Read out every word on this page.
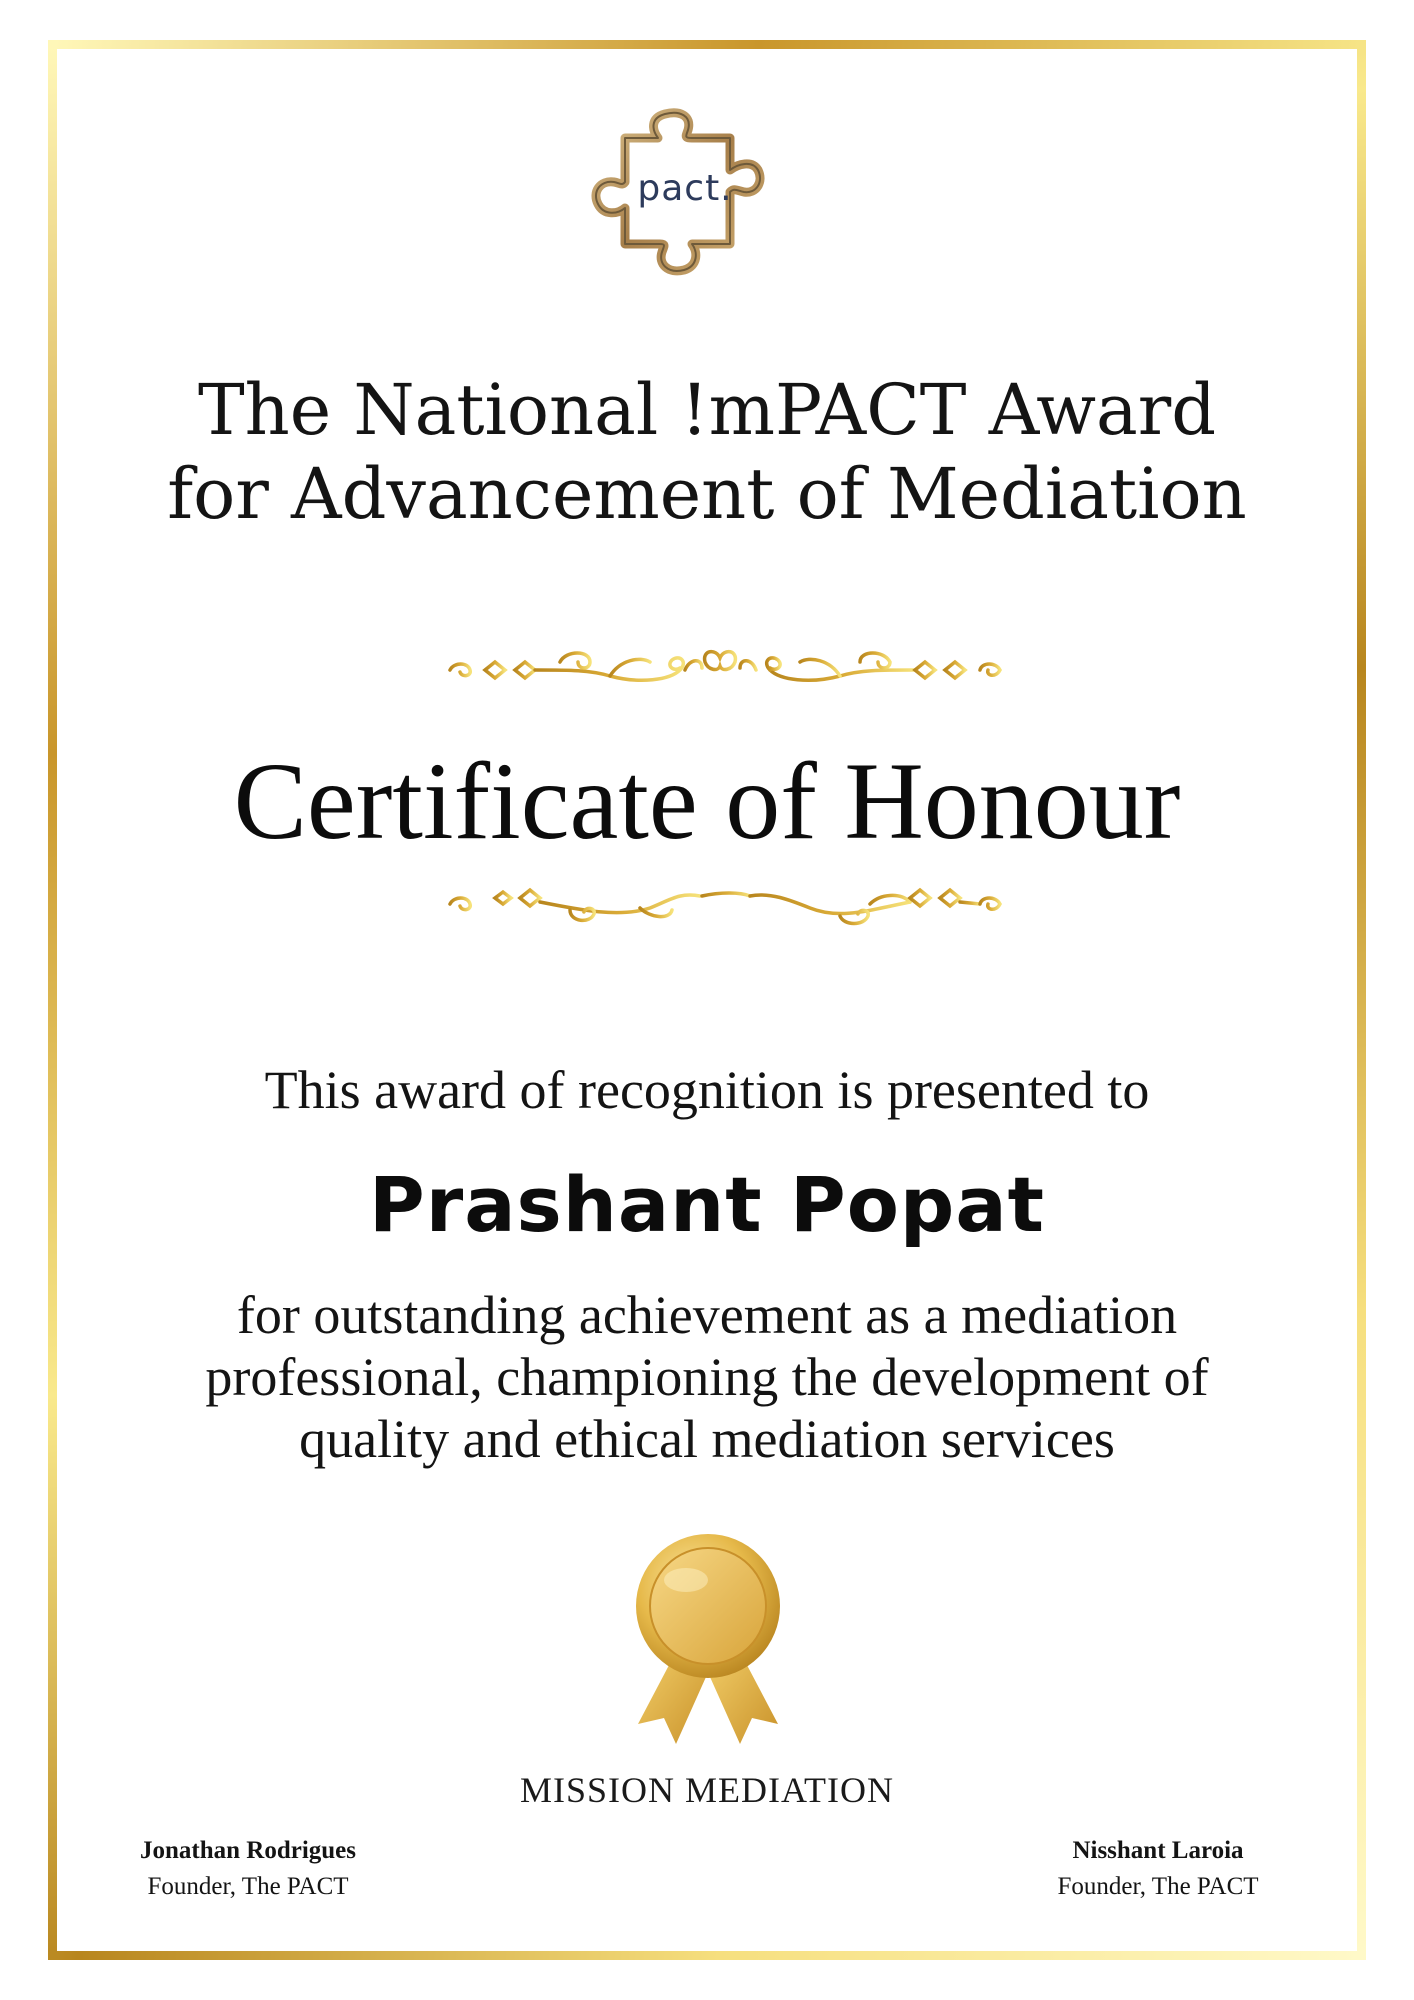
pact.
The National !mPACT Award
for Advancement of Mediation
Certificate of Honour
This award of recognition is presented to
Prashant Popat
for outstanding achievement as a mediation
professional, championing the development of
quality and ethical mediation services
MISSION MEDIATION
Jonathan Rodrigues
Founder, The PACT
Nisshant Laroia
Founder, The PACT
